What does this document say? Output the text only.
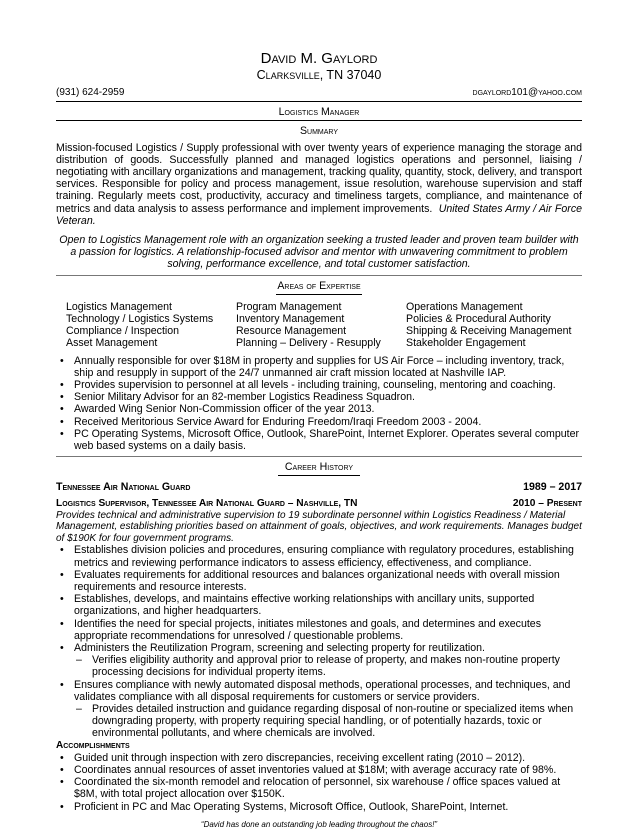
David M. Gaylord
Clarksville, TN 37040
(931) 624-2959	dgaylord101@yahoo.com
Logistics Manager
Summary

Mission-focused Logistics / Supply professional with over twenty years of experience managing the storage and distribution of goods. Successfully planned and managed logistics operations and personnel, liaising / negotiating with ancillary organizations and management, tracking quality, quantity, stock, delivery, and transport services. Responsible for policy and process management, issue resolution, warehouse supervision and staff training. Regularly meets cost, productivity, accuracy and timeliness targets, compliance, and maintenance of metrics and data analysis to assess performance and implement improvements. United States Army / Air Force Veteran.

Open to Logistics Management role with an organization seeking a trusted leader and proven team builder with a passion for logistics. A relationship-focused advisor and mentor with unwavering commitment to problem solving, performance excellence, and total customer satisfaction.

Areas of Expertise
Logistics Management	Program Management	Operations Management
Technology / Logistics Systems	Inventory Management	Policies & Procedural Authority
Compliance / Inspection	Resource Management	Shipping & Receiving Management
Asset Management	Planning – Delivery - Resupply	Stakeholder Engagement
• Annually responsible for over $18M in property and supplies for US Air Force – including inventory, track, ship and resupply in support of the 24/7 unmanned air craft mission located at Nashville IAP.
• Provides supervision to personnel at all levels - including training, counseling, mentoring and coaching.
• Senior Military Advisor for an 82-member Logistics Readiness Squadron.
• Awarded Wing Senior Non-Commission officer of the year 2013.
• Received Meritorious Service Award for Enduring Freedom/Iraqi Freedom 2003 - 2004.
• PC Operating Systems, Microsoft Office, Outlook, SharePoint, Internet Explorer. Operates several computer web based systems on a daily basis.
Career History
Tennessee Air National Guard	1989 – 2017
Logistics Supervisor, Tennessee Air National Guard – Nashville, TN	2010 – Present

Provides technical and administrative supervision to 19 subordinate personnel within Logistics Readiness / Material Management, establishing priorities based on attainment of goals, objectives, and work requirements. Manages budget of $190K for four government programs.

• Establishes division policies and procedures, ensuring compliance with regulatory procedures, establishing metrics and reviewing performance indicators to assess efficiency, effectiveness, and compliance.
• Evaluates requirements for additional resources and balances organizational needs with overall mission requirements and resource interests.
• Establishes, develops, and maintains effective working relationships with ancillary units, supported organizations, and higher headquarters.
• Identifies the need for special projects, initiates milestones and goals, and determines and executes appropriate recommendations for unresolved / questionable problems.
• Administers the Reutilization Program, screening and selecting property for reutilization.
– Verifies eligibility authority and approval prior to release of property, and makes non-routine property processing decisions for individual property items.
• Ensures compliance with newly automated disposal methods, operational processes, and techniques, and validates compliance with all disposal requirements for customers or service providers.
– Provides detailed instruction and guidance regarding disposal of non-routine or specialized items when downgrading property, with property requiring special handling, or of potentially hazards, toxic or environmental pollutants, and where chemicals are involved.
Accomplishments
• Guided unit through inspection with zero discrepancies, receiving excellent rating (2010 – 2012).
• Coordinates annual resources of asset inventories valued at $18M; with average accuracy rate of 98%.
• Coordinated the six-month remodel and relocation of personnel, six warehouse / office spaces valued at $8M, with total project allocation over $150K.
• Proficient in PC and Mac Operating Systems, Microsoft Office, Outlook, SharePoint, Internet.
“David has done an outstanding job leading throughout the chaos!”
